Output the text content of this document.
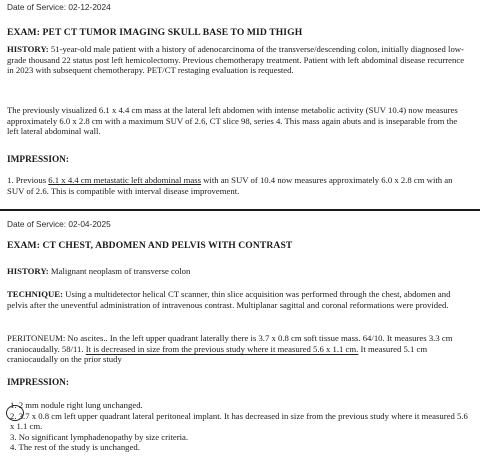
Date of Service: 02-12-2024
EXAM: PET CT TUMOR IMAGING SKULL BASE TO MID THIGH

HISTORY: 51-year-old male patient with a history of adenocarcinoma of the transverse/descending colon, initially diagnosed low-grade thousand 22 status post left hemicolectomy. Previous chemotherapy treatment. Patient with left abdominal disease recurrence in 2023 with subsequent chemotherapy. PET/CT restaging evaluation is requested.

The previously visualized 6.1 x 4.4 cm mass at the lateral left abdomen with intense metabolic activity (SUV 10.4) now measures approximately 6.0 x 2.8 cm with a maximum SUV of 2.6, CT slice 98, series 4. This mass again abuts and is inseparable from the left lateral abdominal wall.

IMPRESSION:

1. Previous 6.1 x 4.4 cm metastatic left abdominal mass with an SUV of 10.4 now measures approximately 6.0 x 2.8 cm with an SUV of 2.6. This is compatible with interval disease improvement.

Date of Service: 02-04-2025
EXAM: CT CHEST, ABDOMEN AND PELVIS WITH CONTRAST

HISTORY: Malignant neoplasm of transverse colon

TECHNIQUE: Using a multidetector helical CT scanner, thin slice acquisition was performed through the chest, abdomen and pelvis after the uneventful administration of intravenous contrast. Multiplanar sagittal and coronal reformations were provided.

PERITONEUM: No ascites.. In the left upper quadrant laterally there is 3.7 x 0.8 cm soft tissue mass. 64/10. It measures 3.3 cm craniocaudally. 58/11. It is decreased in size from the previous study where it measured 5.6 x 1.1 cm. It measured 5.1 cm craniocaudally on the prior study

IMPRESSION:

1. 2 mm nodule right lung unchanged.

2. 3.7 x 0.8 cm left upper quadrant lateral peritoneal implant. It has decreased in size from the previous study where it measured 5.6 x 1.1 cm.

3. No significant lymphadenopathy by size criteria.

4. The rest of the study is unchanged.
